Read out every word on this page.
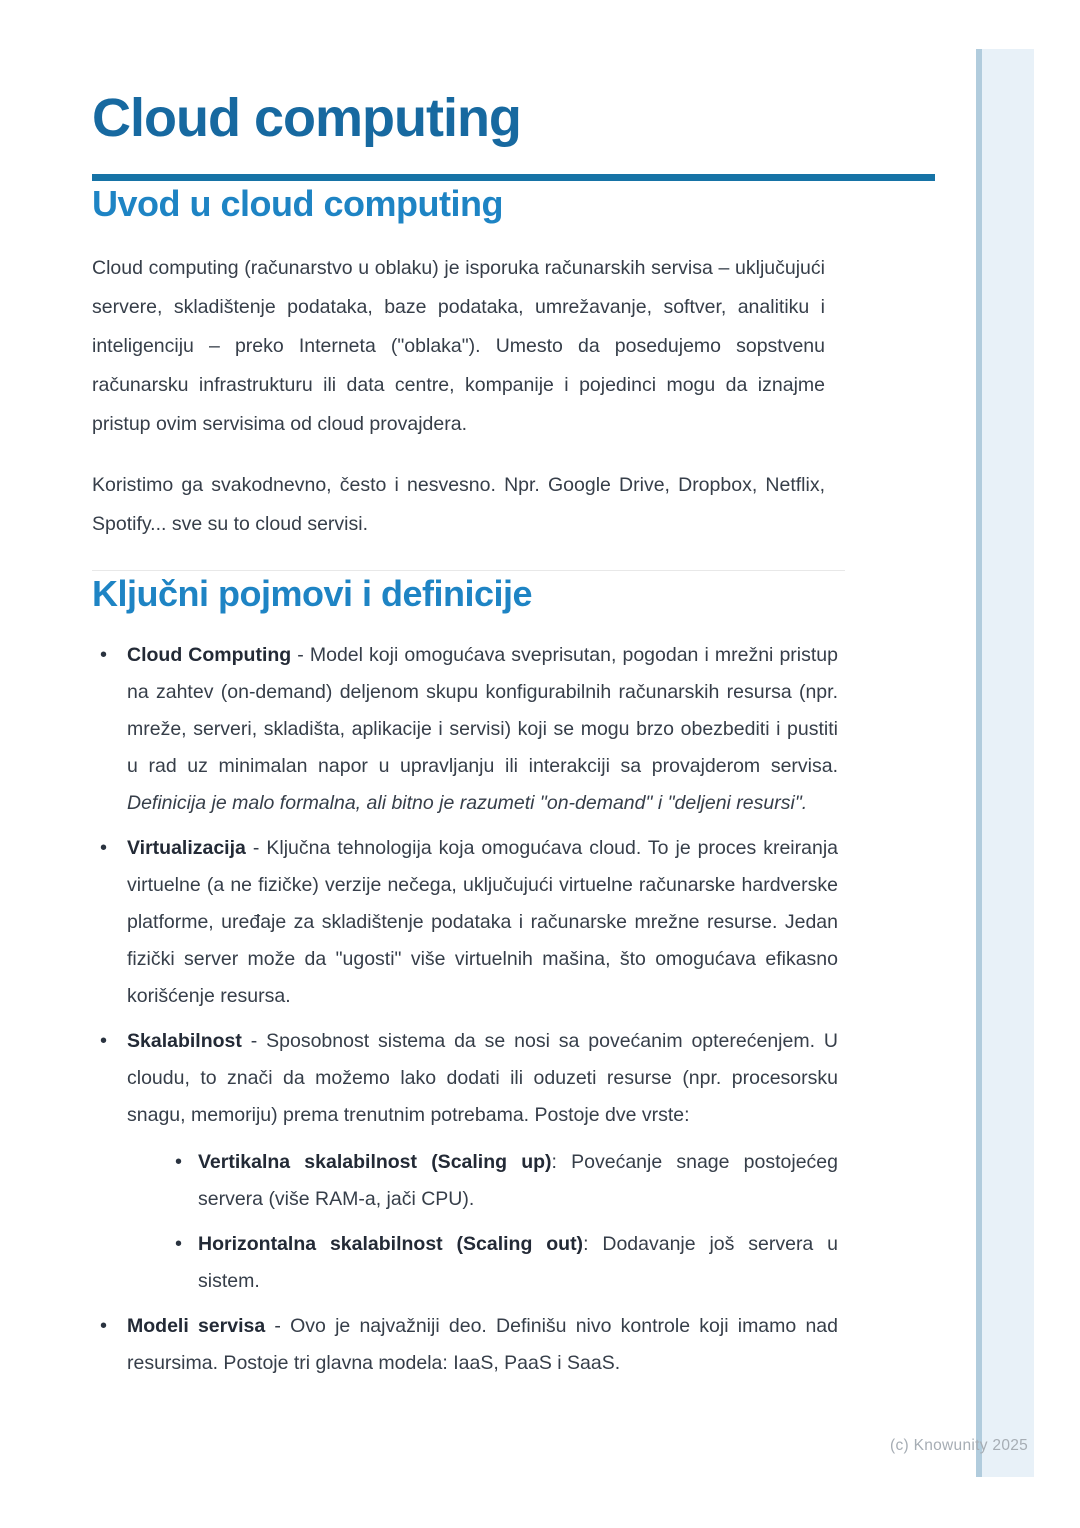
Cloud computing
Uvod u cloud computing

Cloud computing (računarstvo u oblaku) je isporuka računarskih servisa – uključujući servere, skladištenje podataka, baze podataka, umrežavanje, softver, analitiku i inteligenciju – preko Interneta ("oblaka"). Umesto da posedujemo sopstvenu računarsku infrastrukturu ili data centre, kompanije i pojedinci mogu da iznajme pristup ovim servisima od cloud provajdera.

Koristimo ga svakodnevno, često i nesvesno. Npr. Google Drive, Dropbox, Netflix, Spotify... sve su to cloud servisi.

Ključni pojmovi i definicije
• Cloud Computing - Model koji omogućava sveprisutan, pogodan i mrežni pristup na zahtev (on-demand) deljenom skupu konfigurabilnih računarskih resursa (npr. mreže, serveri, skladišta, aplikacije i servisi) koji se mogu brzo obezbediti i pustiti u rad uz minimalan napor u upravljanju ili interakciji sa provajderom servisa. Definicija je malo formalna, ali bitno je razumeti "on-demand" i "deljeni resursi".
• Virtualizacija - Ključna tehnologija koja omogućava cloud. To je proces kreiranja virtuelne (a ne fizičke) verzije nečega, uključujući virtuelne računarske hardverske platforme, uređaje za skladištenje podataka i računarske mrežne resurse. Jedan fizički server može da "ugosti" više virtuelnih mašina, što omogućava efikasno korišćenje resursa.
• Skalabilnost - Sposobnost sistema da se nosi sa povećanim opterećenjem. U cloudu, to znači da možemo lako dodati ili oduzeti resurse (npr. procesorsku snagu, memoriju) prema trenutnim potrebama. Postoje dve vrste:
• Vertikalna skalabilnost (Scaling up): Povećanje snage postojećeg servera (više RAM-a, jači CPU).
• Horizontalna skalabilnost (Scaling out): Dodavanje još servera u sistem.
• Modeli servisa - Ovo je najvažniji deo. Definišu nivo kontrole koji imamo nad resursima. Postoje tri glavna modela: IaaS, PaaS i SaaS.
(c) Knowunity 2025
